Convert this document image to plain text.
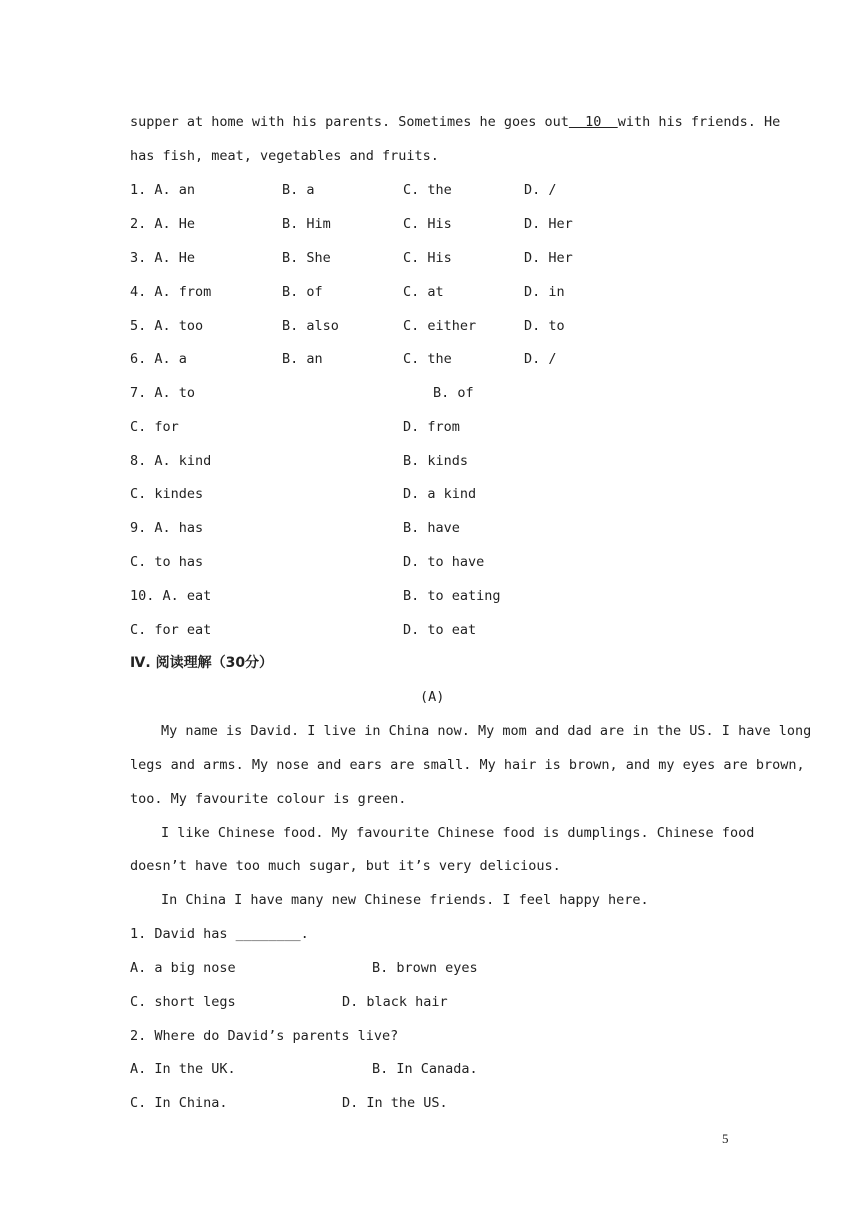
supper at home with his parents. Sometimes he goes out  10  with his friends. He
has fish, meat, vegetables and fruits.
1. A. an	B. a	C. the	D. /
2. A. He	B. Him	C. His	D. Her
3. A. He	B. She	C. His	D. Her
4. A. from	B. of	C. at	D. in
5. A. too	B. also	C. either	D. to
6. A. a	B. an	C. the	D. /
7. A. to	B. of
C. for	D. from
8. A. kind	B. kinds
C. kindes	D. a kind
9. A. has	B. have
C. to has	D. to have
10. A. eat	B. to eating
C. for eat	D. to eat
Ⅳ. 阅读理解（30分）
(A)
My name is David. I live in China now. My mom and dad are in the US. I have long
legs and arms. My nose and ears are small. My hair is brown, and my eyes are brown,
too. My favourite colour is green.
I like Chinese food. My favourite Chinese food is dumplings. Chinese food
doesn’t have too much sugar, but it’s very delicious.
In China I have many new Chinese friends. I feel happy here.
1. David has ________.
A. a big nose	B. brown eyes
C. short legs	D. black hair
2. Where do David’s parents live?
A. In the UK.	B. In Canada.
C. In China.	D. In the US.
5
